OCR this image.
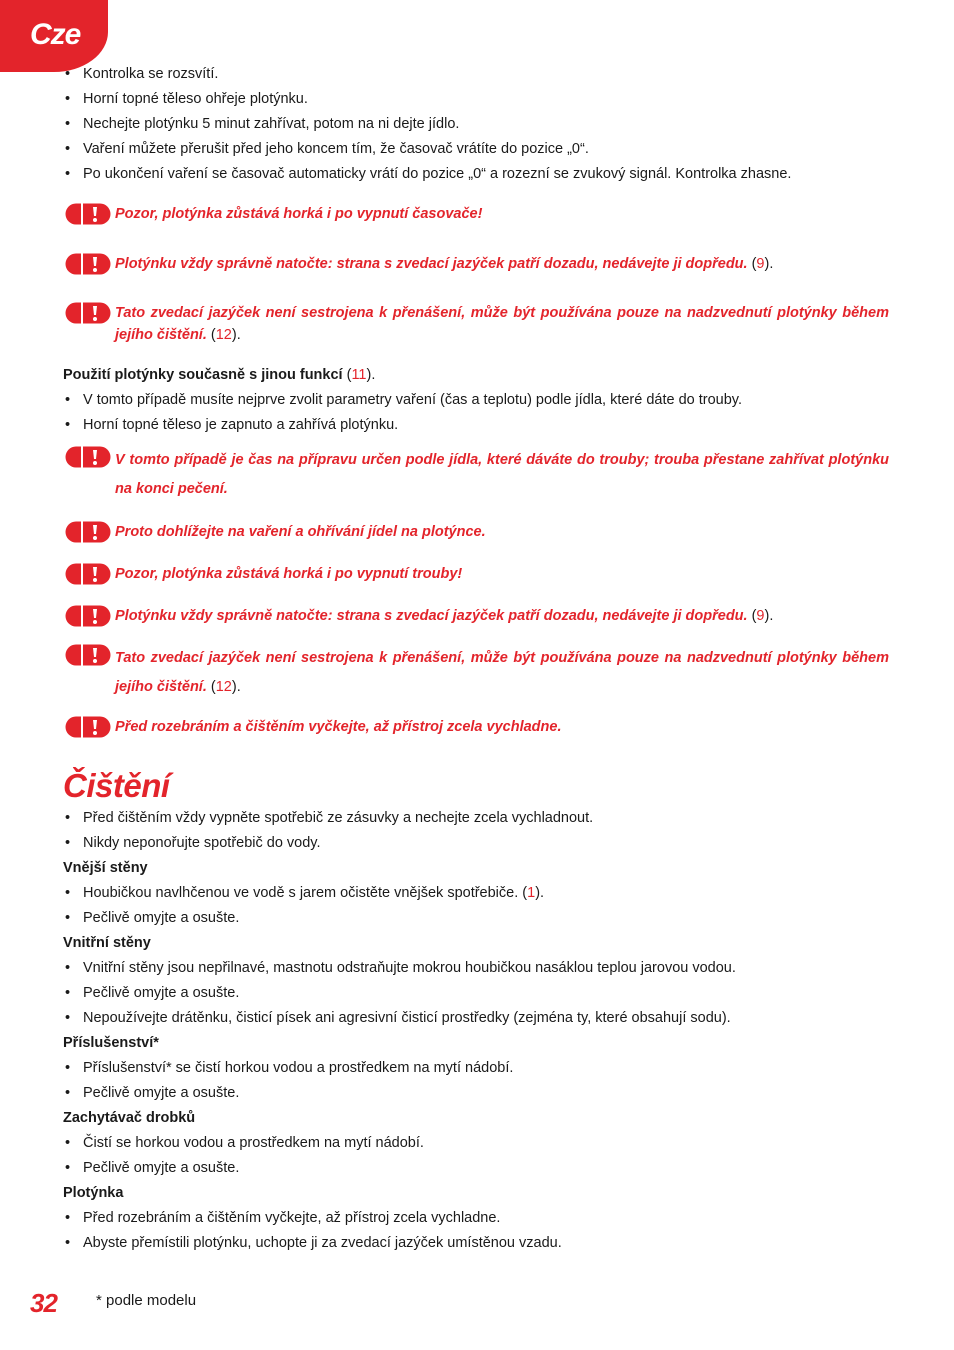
Cze
• Kontrolka se rozsvítí.
• Horní topné těleso ohřeje plotýnku.
• Nechejte plotýnku 5 minut zahřívat, potom na ni dejte jídlo.
• Vaření můžete přerušit před jeho koncem tím, že časovač vrátíte do pozice „0“.
• Po ukončení vaření se časovač automaticky vrátí do pozice „0“ a rozezní se zvukový signál. Kontrolka zhasne.
Pozor, plotýnka zůstává horká i po vypnutí časovače!
Plotýnku vždy správně natočte: strana s zvedací jazýček patří dozadu, nedávejte ji dopředu. (9).
Tato zvedací jazýček není sestrojena k přenášení, může být používána pouze na nadzvednutí plotýnky během jejího čištění. (12).
Použití plotýnky současně s jinou funkcí (11).
• V tomto případě musíte nejprve zvolit parametry vaření (čas a teplotu) podle jídla, které dáte do trouby.
• Horní topné těleso je zapnuto a zahřívá plotýnku.
V tomto případě je čas na přípravu určen podle jídla, které dáváte do trouby; trouba přestane zahřívat plotýnku na konci pečení.
Proto dohlížejte na vaření a ohřívání jídel na plotýnce.
Pozor, plotýnka zůstává horká i po vypnutí trouby!
Plotýnku vždy správně natočte: strana s zvedací jazýček patří dozadu, nedávejte ji dopředu. (9).
Tato zvedací jazýček není sestrojena k přenášení, může být používána pouze na nadzvednutí plotýnky během jejího čištění. (12).
Před rozebráním a čištěním vyčkejte, až přístroj zcela vychladne.
Čištění
• Před čištěním vždy vypněte spotřebič ze zásuvky a nechejte zcela vychladnout.
• Nikdy neponořujte spotřebič do vody.
Vnější stěny
• Houbičkou navlhčenou ve vodě s jarem očistěte vnějšek spotřebiče. (1).
• Pečlivě omyjte a osušte.
Vnitřní stěny
• Vnitřní stěny jsou nepřilnavé, mastnotu odstraňujte mokrou houbičkou nasáklou teplou jarovou vodou.
• Pečlivě omyjte a osušte.
• Nepoužívejte drátěnku, čisticí písek ani agresivní čisticí prostředky (zejména ty, které obsahují sodu).
Příslušenství*
• Příslušenství* se čistí horkou vodou a prostředkem na mytí nádobí.
• Pečlivě omyjte a osušte.
Zachytávač drobků
• Čistí se horkou vodou a prostředkem na mytí nádobí.
• Pečlivě omyjte a osušte.
Plotýnka
• Před rozebráním a čištěním vyčkejte, až přístroj zcela vychladne.
• Abyste přemístili plotýnku, uchopte ji za zvedací jazýček umístěnou vzadu.
32	* podle modelu
